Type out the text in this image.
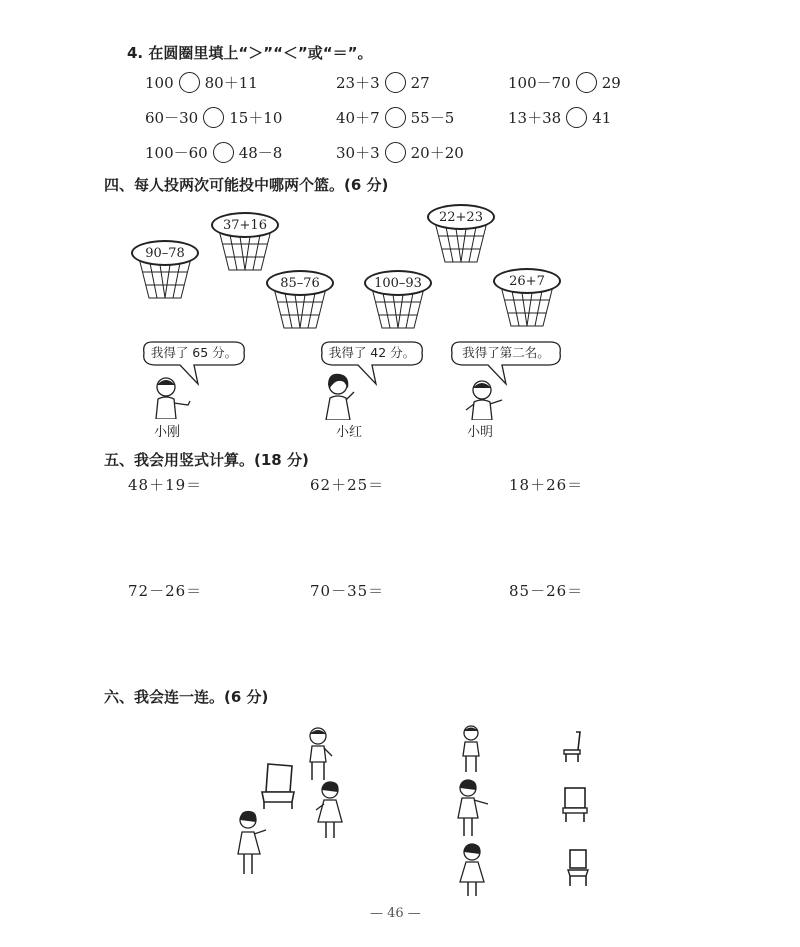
4. 在圆圈里填上“＞”“＜”或“＝”。
100 80＋11	23＋3 27	100－70 29
60－30 15＋10	40＋7 55－5	13＋38 41
100－60 48－8	30＋3 20＋20
四、每人投两次可能投中哪两个篮。(6 分)
90–78
37+16
85–76	100–93
22+23
26+7
我得了 65 分。	我得了 42 分。	我得了第二名。
小刚	小红	小明
五、我会用竖式计算。(18 分)
48＋19＝	62＋25＝	18＋26＝
72－26＝	70－35＝	85－26＝
六、我会连一连。(6 分)
— 46 —
